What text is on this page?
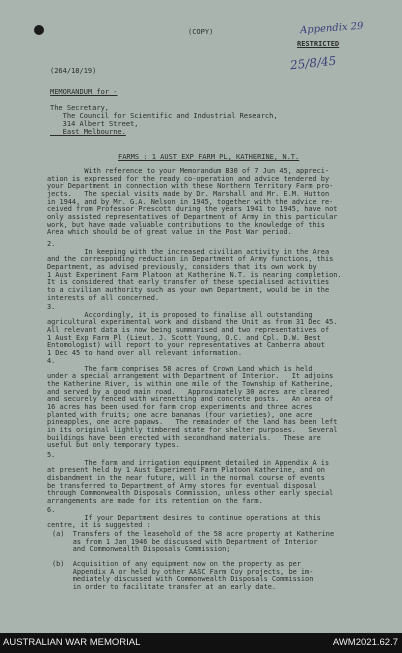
(COPY)	Appendix 29
RESTRICTED
25/8/45
(264/18/19)
MEMORANDUM for -
The Secretary,
The Council for Scientific and Industrial Research,
314 Albert Street,
East Melbourne.
FARMS : 1 AUST EXP FARM PL, KATHERINE, N.T.
With reference to your Memorandum B30 of 7 Jun 45, appreci-
ation is expressed for the ready co-operation and advice tendered by
your Department in connection with these Northern Territory Farm pro-
jects.   The special visits made by Dr. Marshall and Mr. E.M. Hutton
in 1944, and by Mr. G.A. Nelson in 1945, together with the advice re-
ceived from Professor Prescott during the years 1941 to 1945, have not
only assisted representatives of Department of Army in this particular
work, but have made valuable contributions to the knowledge of this
Area which should be of great value in the Post War period.
2.
In keeping with the increased civilian activity in the Area
and the corresponding reduction in Department of Army functions, this
Department, as advised previously, considers that its own work by
1 Aust Experiment Farm Platoon at Katherine N.T. is nearing completion.
It is considered that early transfer of these specialised activities
to a civilian authority such as your own Department, would be in the
interests of all concerned.
3.
Accordingly, it is proposed to finalise all outstanding
agricultural experimental work and disband the Unit as from 31 Dec 45.
All relevant data is now being summarised and two representatives of
1 Aust Exp Farm Pl (Lieut. J. Scott Young, O.C. and Cpl. D.W. Best
Entomologist) will report to your representatives at Canberra about
1 Dec 45 to hand over all relevant information.
4.
The farm comprises 58 acres of Crown Land which is held
under a special arrangement with Department of Interior.   It adjoins
the Katherine River, is within one mile of the Township of Katherine,
and served by a good main road.   Approximately 30 acres are cleared
and securely fenced with wirenetting and concrete posts.   An area of
16 acres has been used for farm crop experiments and three acres
planted with fruits; one acre bananas (four varieties), one acre
pineapples, one acre papaws.   The remainder of the land has been left
in its original lightly timbered state for shelter purposes.   Several
buildings have been erected with secondhand materials.   These are
useful but only temporary types.
5.
The farm and irrigation equipment detailed in Appendix A is
at present held by 1 Aust Experiment Farm Platoon Katherine, and on
disbandment in the near future, will in the normal course of events
be transferred to Department of Army stores for eventual disposal
through Commonwealth Disposals Commission, unless other early special
arrangements are made for its retention on the farm.
6.
If your Department desires to continue operations at this
centre, it is suggested :
(a)  Transfers of the leasehold of the 58 acre property at Katherine
as from 1 Jan 1946 be discussed with Department of Interior
and Commonwealth Disposals Commission;
(b)  Acquisition of any equipment now on the property as per
Appendix A or held by other AASC Farm Coy projects, be im-
mediately discussed with Commonwealth Disposals Commission
in order to facilitate transfer at an early date.
AUSTRALIAN WAR MEMORIAL	AWM2021.62.7
